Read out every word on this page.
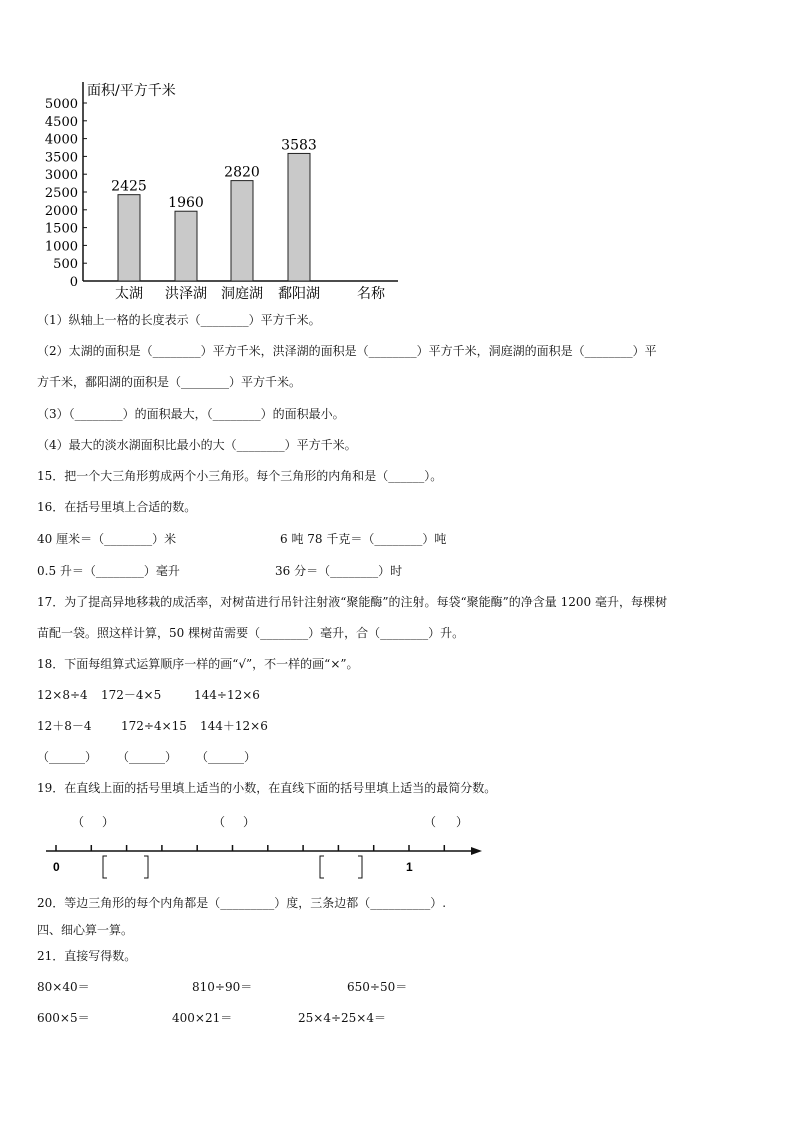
0
500
1000
1500
2000
2500
3000
3500
4000
4500
5000
面积/平方千米
名称
2425
太湖
1960
洪泽湖
2820
洞庭湖
3583
鄱阳湖
（1）纵轴上一格的长度表示（________）平方千米。
（2）太湖的面积是（________）平方千米，洪泽湖的面积是（________）平方千米，洞庭湖的面积是（________）平
方千米，鄱阳湖的面积是（________）平方千米。
（3）（________）的面积最大，（________）的面积最小。
（4）最大的淡水湖面积比最小的大（________）平方千米。
15．把一个大三角形剪成两个小三角形。每个三角形的内角和是（______）。
16．在括号里填上合适的数。
40 厘米＝（________）米	6 吨 78 千克＝（________）吨
0.5 升＝（________）毫升	36 分＝（________）时
17．为了提高异地移栽的成活率，对树苗进行吊针注射液“聚能酶”的注射。每袋“聚能酶”的净含量 1200 毫升，每棵树
苗配一袋。照这样计算，50 棵树苗需要（________）毫升，合（________）升。
18．下面每组算式运算顺序一样的画“√”，不一样的画“×”。
12×8÷4 172－4×5	144÷12×6
12＋8－4 172÷4×15 144＋12×6
（______） （______） （______）
19．在直线上面的括号里填上适当的小数，在直线下面的括号里填上适当的最简分数。
0	1
（ ）	（ ）	（ ）
20．等边三角形的每个内角都是（_________）度，三条边都（__________）.
四、细心算一算。
21．直接写得数。
80×40＝	810÷90＝	650÷50＝
600×5＝	400×21＝	25×4÷25×4＝
